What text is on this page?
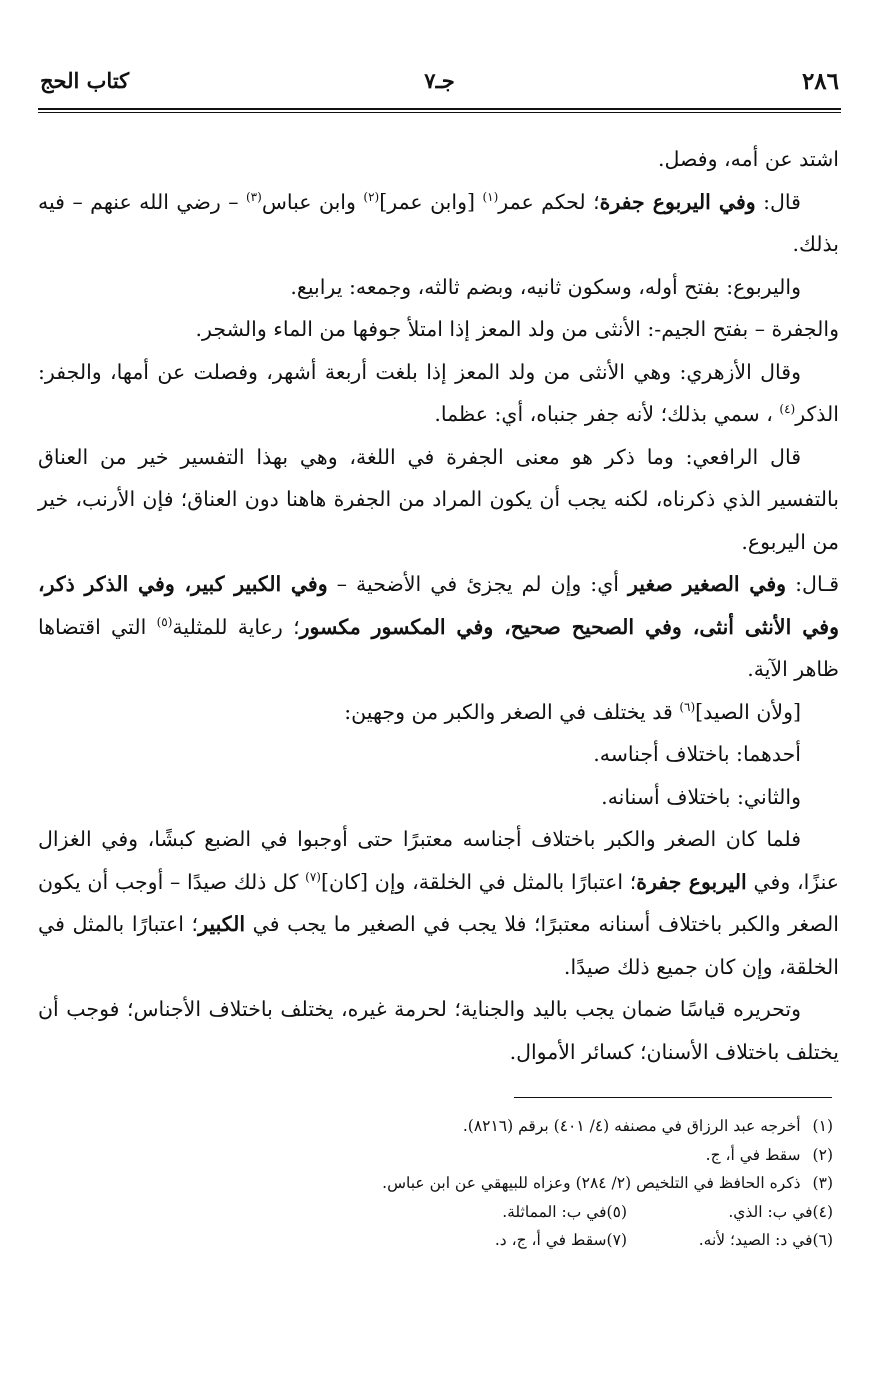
٢٨٦
جـ٧
كتاب الحج

اشتد عن أمه، وفصل.

قال: وفي اليربوع جفرة؛ لحكم عمر$^{(١)}$ [وابن عمر]$^{(٢)}$ وابن عباس$^{(٣)}$ – رضي الله عنهم – فيه بذلك.

واليربوع: بفتح أوله، وسكون ثانيه، وبضم ثالثه، وجمعه: يرابيع.

والجفرة – بفتح الجيم-: الأنثى من ولد المعز إذا امتلأ جوفها من الماء والشجر.

وقال الأزهري: وهي الأنثى من ولد المعز إذا بلغت أربعة أشهر، وفصلت عن أمها، والجفر: الذكر$^{(٤)}$ ، سمي بذلك؛ لأنه جفر جنباه، أي: عظما.

قال الرافعي: وما ذكر هو معنى الجفرة في اللغة، وهي بهذا التفسير خير من العناق بالتفسير الذي ذكرناه، لكنه يجب أن يكون المراد من الجفرة هاهنا دون العناق؛ فإن الأرنب، خير من اليربوع.

قـال: وفي الصغير صغير أي: وإن لم يجزئ في الأضحية – وفي الكبير كبير، وفي الذكر ذكر، وفي الأنثى أنثى، وفي الصحيح صحيح، وفي المكسور مكسور؛ رعاية للمثلية$^{(٥)}$ التي اقتضاها ظاهر الآية.

[ولأن الصيد]$^{(٦)}$ قد يختلف في الصغر والكبر من وجهين:

أحدهما: باختلاف أجناسه.

والثاني: باختلاف أسنانه.

فلما كان الصغر والكبر باختلاف أجناسه معتبرًا حتى أوجبوا في الضبع كبشًا، وفي الغزال عنزًا، وفي اليربوع جفرة؛ اعتبارًا بالمثل في الخلقة، وإن [كان]$^{(٧)}$ كل ذلك صيدًا – أوجب أن يكون الصغر والكبر باختلاف أسنانه معتبرًا؛ فلا يجب في الصغير ما يجب في الكبير؛ اعتبارًا بالمثل في الخلقة، وإن كان جميع ذلك صيدًا.

وتحريره قياسًا ضمان يجب باليد والجناية؛ لحرمة غيره، يختلف باختلاف الأجناس؛ فوجب أن يختلف باختلاف الأسنان؛ كسائر الأموال.

(١)أخرجه عبد الرزاق في مصنفه (٤/ ٤٠١) برقم (٨٢١٦).
(٢)سقط في أ، ج.
(٣)ذكره الحافظ في التلخيص (٢/ ٢٨٤) وعزاه للبيهقي عن ابن عباس.
(٤)في ب: الذي.
(٥)في ب: المماثلة.
(٦)في د: الصيد؛ لأنه.
(٧)سقط في أ، ج، د.
